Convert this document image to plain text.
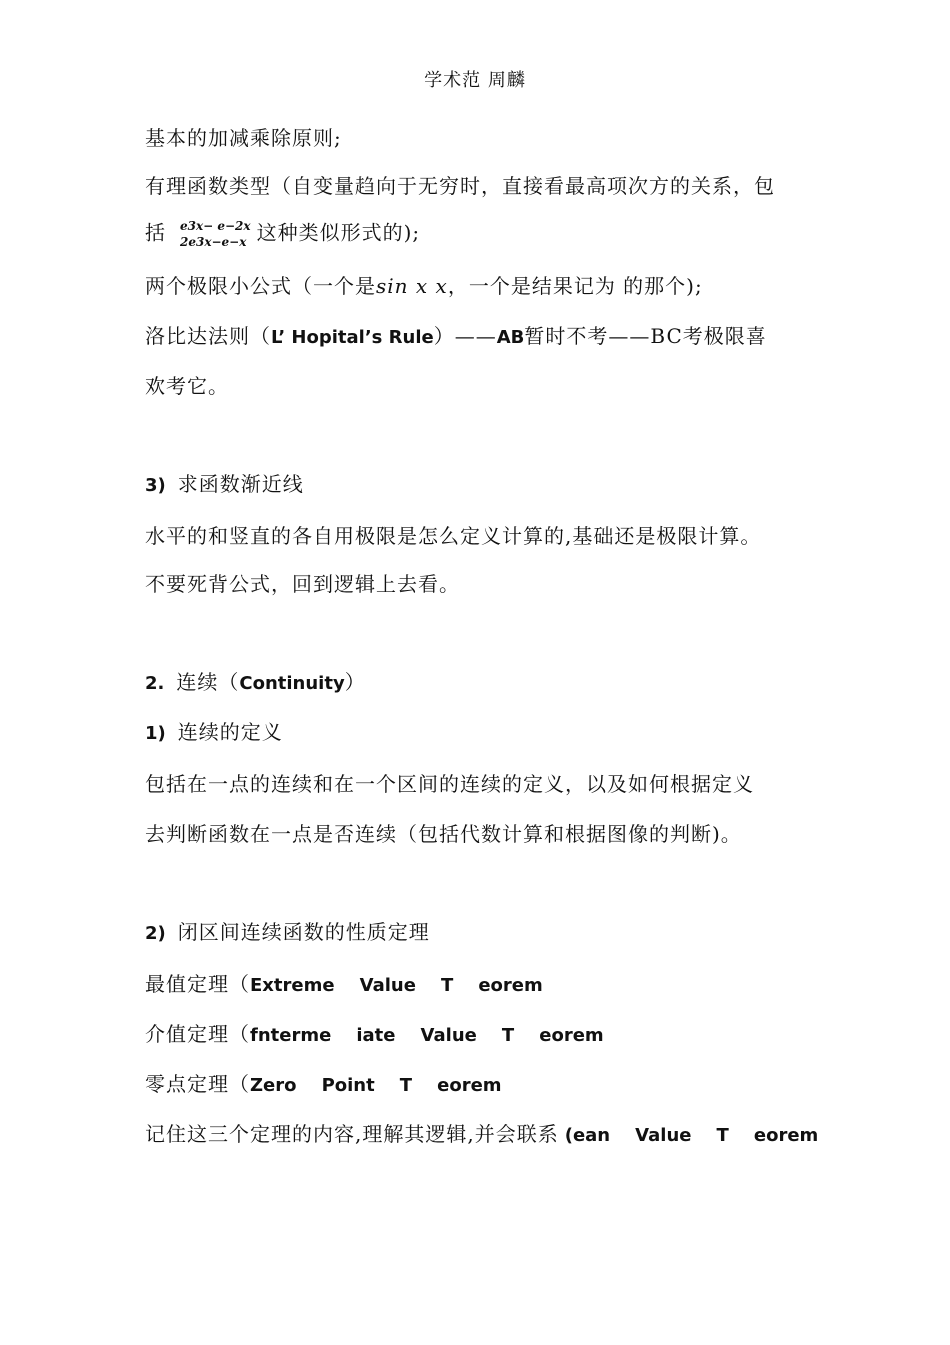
学术范 周麟
基本的加减乘除原则;
有理函数类型（自变量趋向于无穷时，直接看最高项次方的关系，包
括 e3x− e−2x
2e3x−e−x 这种类似形式的);
两个极限小公式（一个是sin x x，一个是结果记为 的那个);
洛比达法则（L’ Hopital’s Rule）——AB暂时不考——BC考极限喜
欢考它。
3) 求函数渐近线
水平的和竖直的各自用极限是怎么定义计算的,基础还是极限计算。
不要死背公式，回到逻辑上去看。
2. 连续（Continuity）
1) 连续的定义
包括在一点的连续和在一个区间的连续的定义，以及如何根据定义
去判断函数在一点是否连续（包括代数计算和根据图像的判断)。
2) 闭区间连续函数的性质定理
最值定理（Extreme    Value    T    eorem
介值定理（fnterme    iate    Value    T    eorem
零点定理（Zero    Point    T    eorem
记住这三个定理的内容,理解其逻辑,并会联系 (ean    Value    T    eorem
